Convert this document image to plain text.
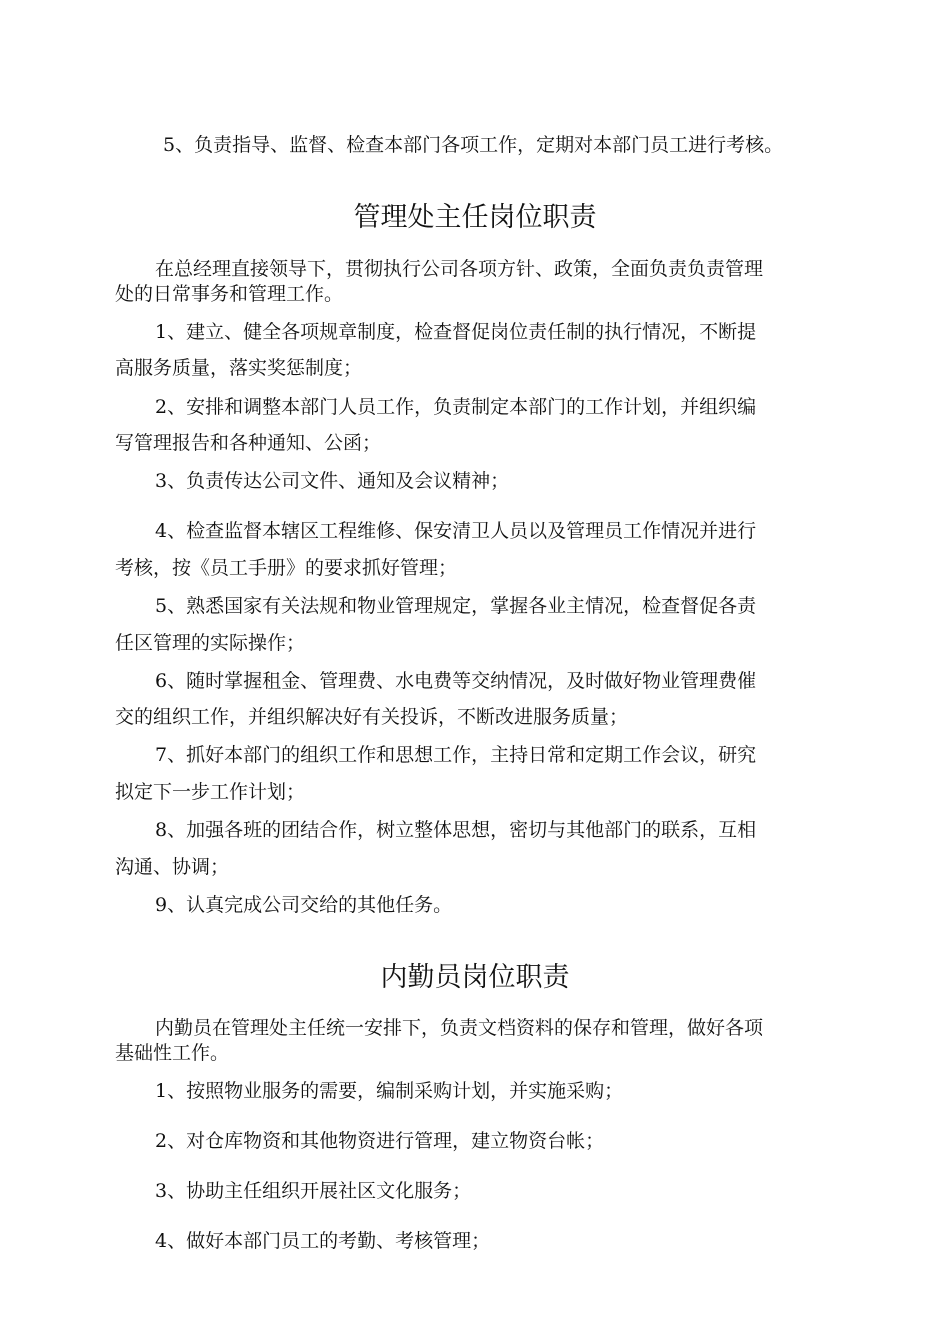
5、负责指导、监督、检查本部门各项工作，定期对本部门员工进行考核。

管理处主任岗位职责

在总经理直接领导下，贯彻执行公司各项方针、政策，全面负责负责管理

处的日常事务和管理工作。

1、建立、健全各项规章制度，检查督促岗位责任制的执行情况，不断提

高服务质量，落实奖惩制度；

2、安排和调整本部门人员工作，负责制定本部门的工作计划，并组织编

写管理报告和各种通知、公函；

3、负责传达公司文件、通知及会议精神；

4、检查监督本辖区工程维修、保安清卫人员以及管理员工作情况并进行

考核，按《员工手册》的要求抓好管理；

5、熟悉国家有关法规和物业管理规定，掌握各业主情况，检查督促各责

任区管理的实际操作；

6、随时掌握租金、管理费、水电费等交纳情况，及时做好物业管理费催

交的组织工作，并组织解决好有关投诉，不断改进服务质量；

7、抓好本部门的组织工作和思想工作，主持日常和定期工作会议，研究

拟定下一步工作计划；

8、加强各班的团结合作，树立整体思想，密切与其他部门的联系，互相

沟通、协调；

9、认真完成公司交给的其他任务。

内勤员岗位职责

内勤员在管理处主任统一安排下，负责文档资料的保存和管理，做好各项

基础性工作。

1、按照物业服务的需要，编制采购计划，并实施采购；

2、对仓库物资和其他物资进行管理，建立物资台帐；

3、协助主任组织开展社区文化服务；

4、做好本部门员工的考勤、考核管理；
